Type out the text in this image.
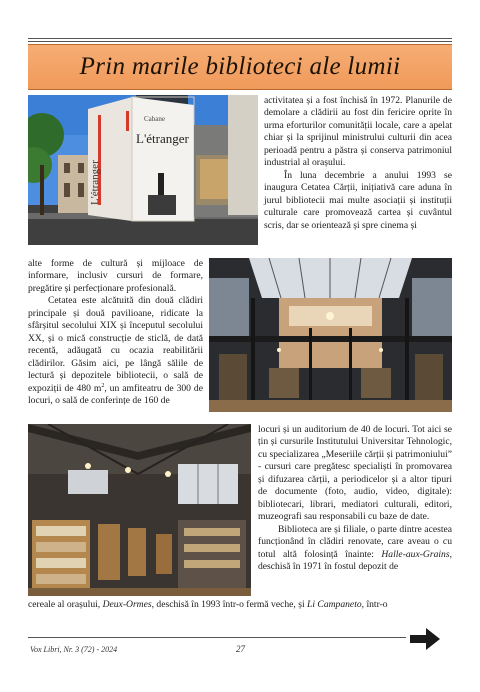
Prin marile biblioteci ale lumii
Cabane
L'étranger
L'étranger

activitatea și a fost închisă în 1972. Planurile de demolare a clădirii au fost din fericire oprite în urma eforturilor comunității locale, care a apelat chiar și la sprijinul ministrului culturii din acea perioadă pentru a păstra și conserva patrimoniul industrial al orașului.

În luna decembrie a anului 1993 se inaugura Cetatea Cărții, inițiativă care aduna în jurul bibliotecii mai multe asociații și instituții culturale care promovează cartea și cuvântul scris, dar se orientează și spre cinema și

alte forme de cultură și mijloace de informare, inclusiv cursuri de formare, pregătire și perfecționare profesională.

Cetatea este alcătuită din două clădiri principale și două pavilioane, ridicate la sfârșitul secolului XIX și începutul secolului XX, și o mică construcție de sticlă, de dată recentă, adăugată cu ocazia reabilitării clădirilor. Găsim aici, pe lângă sălile de lectură și depozitele bibliotecii, o sală de expoziții de 480 $m^2$, un amfiteatru de 300 de locuri, o sală de conferințe de 160 de

locuri și un auditorium de 40 de locuri. Tot aici se țin și cursurile Institutului Universitar Tehnologic, cu specializarea „Meseriile cărții și patrimoniului” - cursuri care pregătesc specialiști în promovarea și difuzarea cărții, a periodicelor și a altor tipuri de documente (foto, audio, video, digitale): bibliotecari, librari, mediatori culturali, editori, muzeografi sau responsabili cu baze de date.

Biblioteca are și filiale, o parte dintre acestea funcționând în clădiri renovate, care aveau o cu totul altă folosință înainte: Halle-aux-Grains, deschisă în 1971 în fostul depozit de

cereale al orașului, Deux-Ormes, deschisă în 1993 într-o fermă veche, și Li Campaneto, într-o
Vox Libri, Nr. 3 (72) - 2024	27
